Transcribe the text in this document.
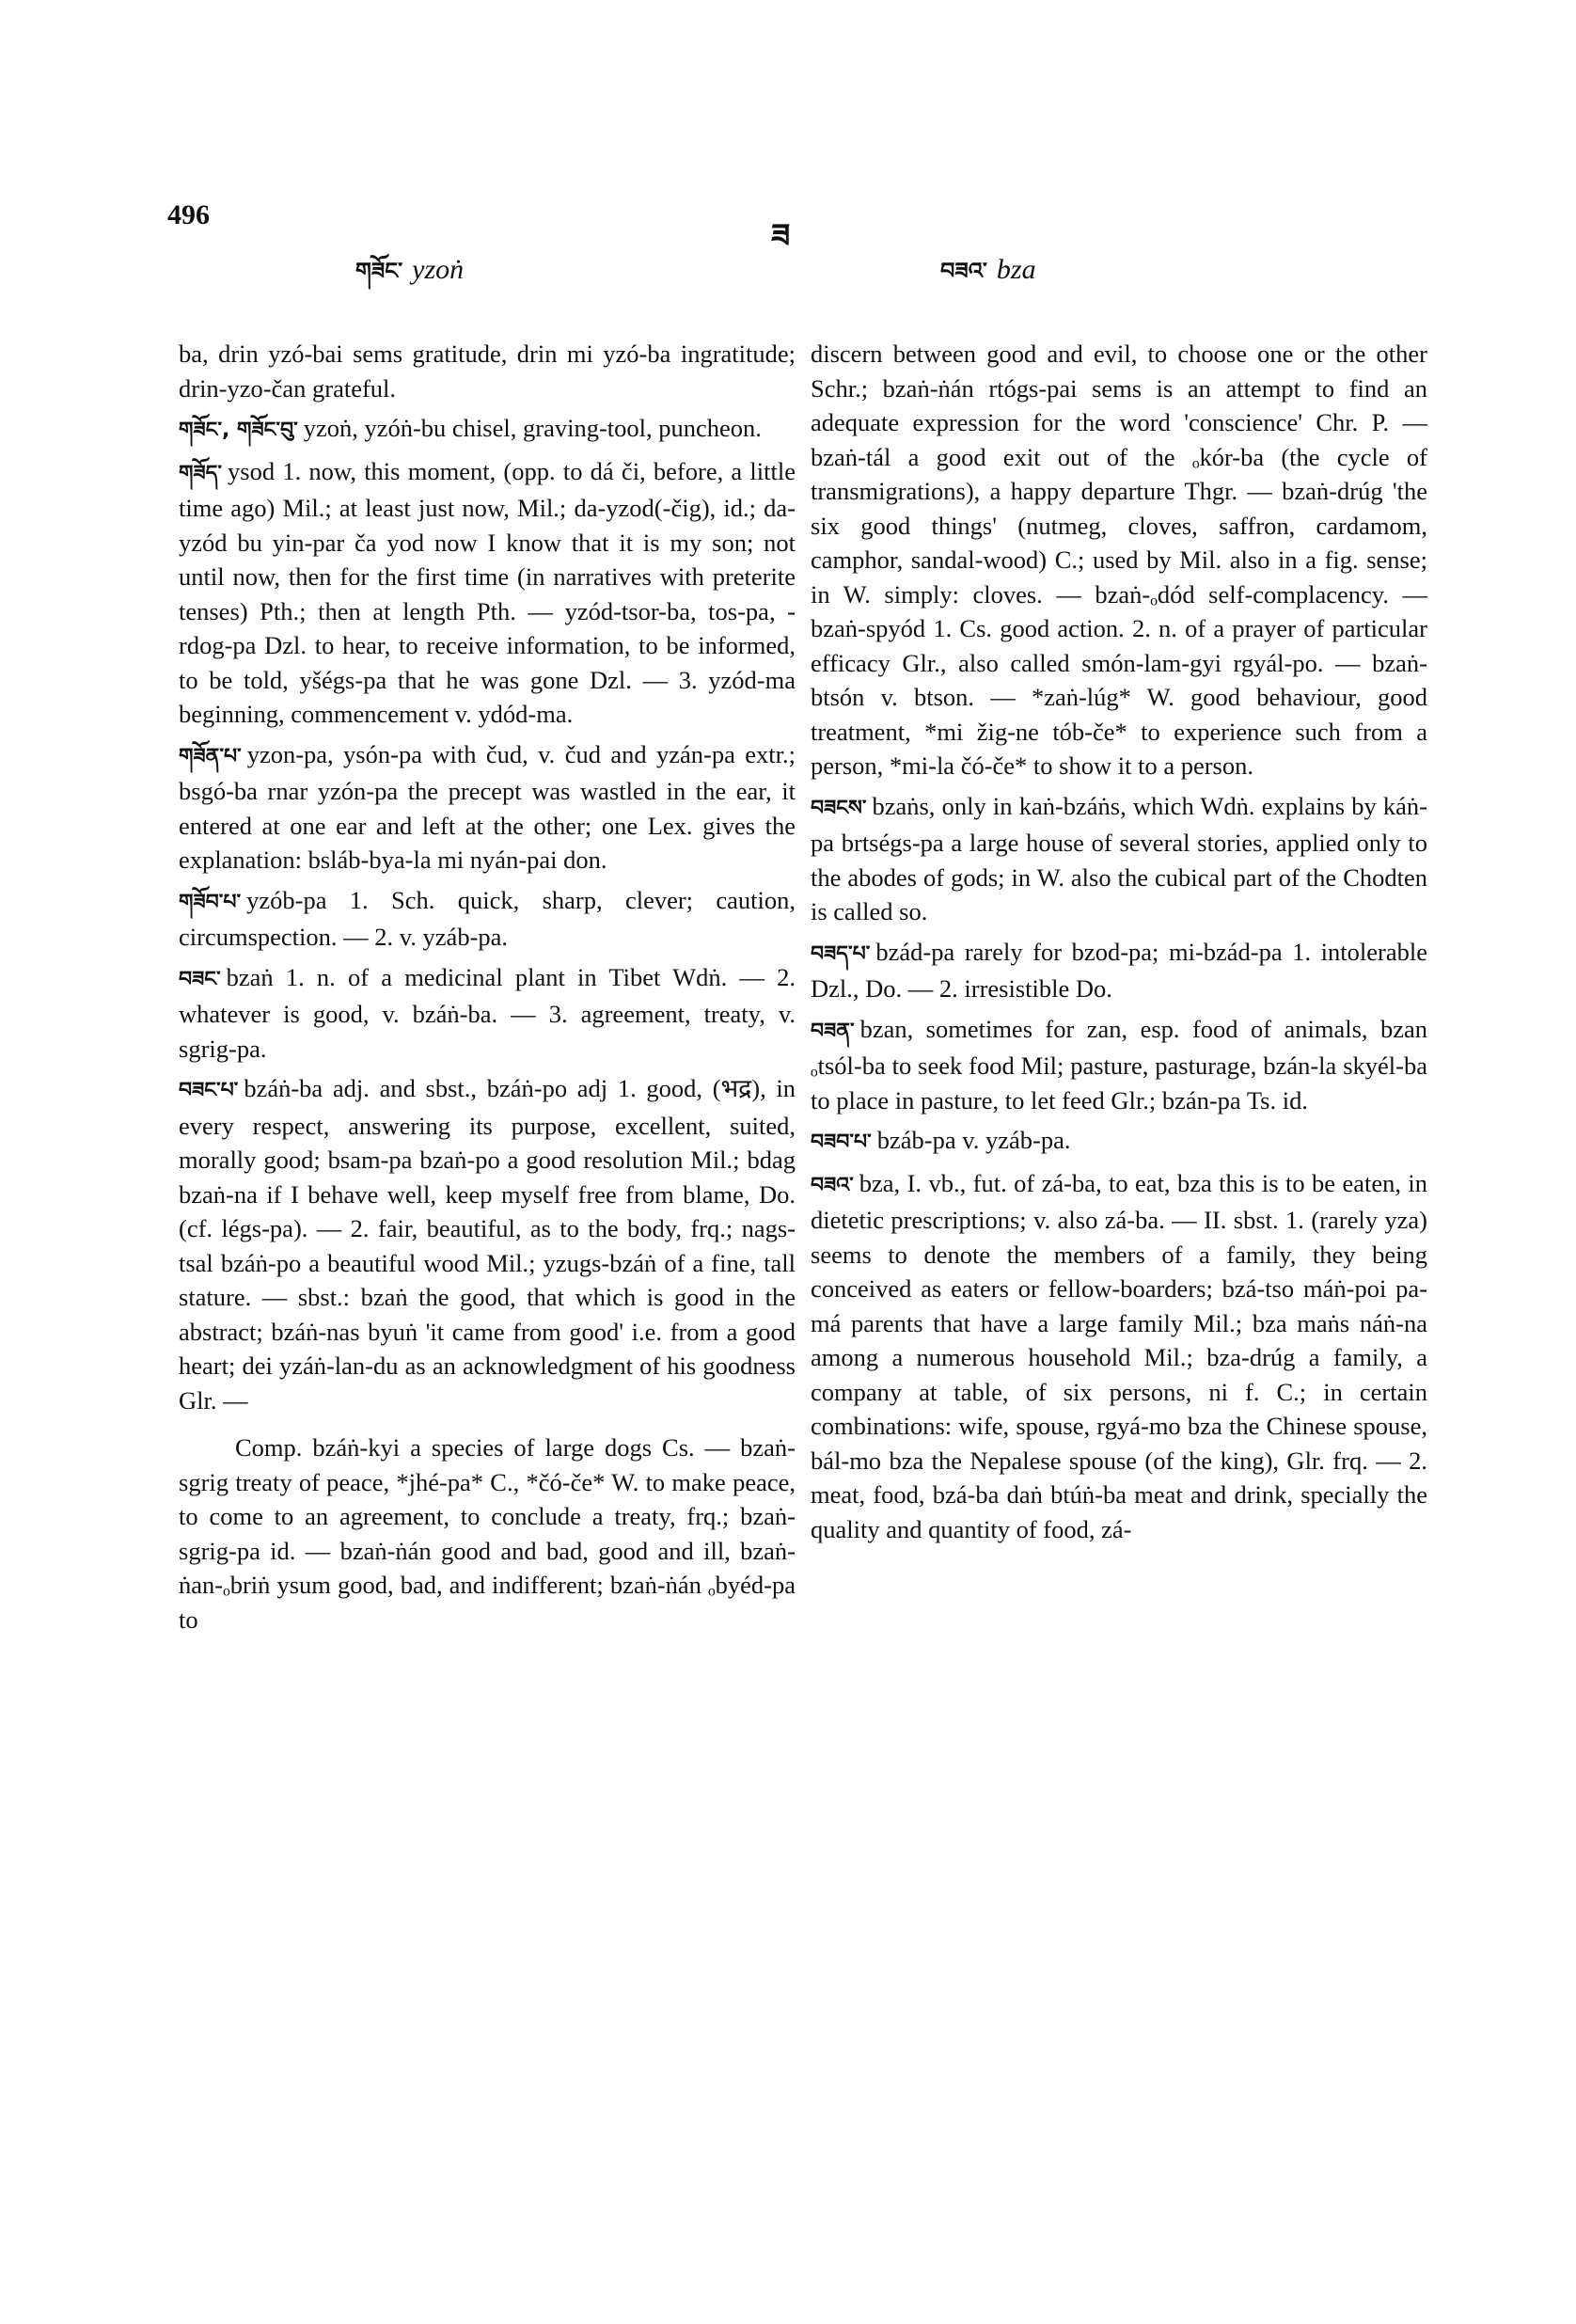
496
ཟ
གཟོང་ yzoṅ	བཟའ་ bza

ba, drin yzó-bai sems gratitude, drin mi yzó-ba ingratitude; drin-yzo-čan grateful.

གཟོང་, གཟོང་བུ་ yzoṅ, yzóṅ-bu chisel, graving-tool, puncheon.

གཟོད་ ysod 1. now, this moment, (opp. to dá či, before, a little time ago) Mil.; at least just now, Mil.; da-yzod(-čig), id.; da-yzód bu yin-par ča yod now I know that it is my son; not until now, then for the first time (in narratives with preterite tenses) Pth.; then at length Pth. — yzód-tsor-ba, tos-pa, -rdog-pa Dzl. to hear, to receive information, to be informed, to be told, yšégs-pa that he was gone Dzl. — 3. yzód-ma beginning, commencement v. ydód-ma.

གཟོན་པ་ yzon-pa, ysón-pa with čud, v. čud and yzán-pa extr.; bsgó-ba rnar yzón-pa the precept was wastled in the ear, it entered at one ear and left at the other; one Lex. gives the explanation: bsláb-bya-la mi nyán-pai don.

གཟོབ་པ་ yzób-pa 1. Sch. quick, sharp, clever; caution, circumspection. — 2. v. yzáb-pa.

བཟང་ bzaṅ 1. n. of a medicinal plant in Tibet Wdṅ. — 2. whatever is good, v. bzáṅ-ba. — 3. agreement, treaty, v. sgrig-pa.

བཟང་པ་ bzáṅ-ba adj. and sbst., bzáṅ-po adj 1. good, (भद्र), in every respect, answering its purpose, excellent, suited, morally good; bsam-pa bzaṅ-po a good resolution Mil.; bdag bzaṅ-na if I behave well, keep myself free from blame, Do. (cf. légs-pa). — 2. fair, beautiful, as to the body, frq.; nags-tsal bzáṅ-po a beautiful wood Mil.; yzugs-bzáṅ of a fine, tall stature. — sbst.: bzaṅ the good, that which is good in the abstract; bzáṅ-nas byuṅ 'it came from good' i.e. from a good heart; dei yzáṅ-lan-du as an acknowledgment of his goodness Glr. —

Comp. bzáṅ-kyi a species of large dogs Cs. — bzaṅ-sgrig treaty of peace, *jhé-pa* C., *čó-če* W. to make peace, to come to an agreement, to conclude a treaty, frq.; bzaṅ-sgrig-pa id. — bzaṅ-ṅán good and bad, good and ill, bzaṅ-ṅan-ₒbriṅ ysum good, bad, and indifferent; bzaṅ-ṅán ₒbyéd-pa to

discern between good and evil, to choose one or the other Schr.; bzaṅ-ṅán rtógs-pai sems is an attempt to find an adequate expression for the word 'conscience' Chr. P. — bzaṅ-tál a good exit out of the ₒkór-ba (the cycle of transmigrations), a happy departure Thgr. — bzaṅ-drúg 'the six good things' (nutmeg, cloves, saffron, cardamom, camphor, sandal-wood) C.; used by Mil. also in a fig. sense; in W. simply: cloves. — bzaṅ-ₒdód self-complacency. — bzaṅ-spyód 1. Cs. good action. 2. n. of a prayer of particular efficacy Glr., also called smón-lam-gyi rgyál-po. — bzaṅ-btsón v. btson. — *zaṅ-lúg* W. good behaviour, good treatment, *mi žig-ne tób-če* to experience such from a person, *mi-la čó-če* to show it to a person.

བཟངས་ bzaṅs, only in kaṅ-bzáṅs, which Wdṅ. explains by káṅ-pa brtségs-pa a large house of several stories, applied only to the abodes of gods; in W. also the cubical part of the Chodten is called so.

བཟད་པ་ bzád-pa rarely for bzod-pa; mi-bzád-pa 1. intolerable Dzl., Do. — 2. irresistible Do.

བཟན་ bzan, sometimes for zan, esp. food of animals, bzan ₒtsól-ba to seek food Mil; pasture, pasturage, bzán-la skyél-ba to place in pasture, to let feed Glr.; bzán-pa Ts. id.

བཟབ་པ་ bzáb-pa v. yzáb-pa.

བཟའ་ bza, I. vb., fut. of zá-ba, to eat, bza this is to be eaten, in dietetic prescriptions; v. also zá-ba. — II. sbst. 1. (rarely yza) seems to denote the members of a family, they being conceived as eaters or fellow-boarders; bzá-tso máṅ-poi pa-má parents that have a large family Mil.; bza maṅs náṅ-na among a numerous household Mil.; bza-drúg a family, a company at table, of six persons, ni f. C.; in certain combinations: wife, spouse, rgyá-mo bza the Chinese spouse, bál-mo bza the Nepalese spouse (of the king), Glr. frq. — 2. meat, food, bzá-ba daṅ btúṅ-ba meat and drink, specially the quality and quantity of food, zá-
